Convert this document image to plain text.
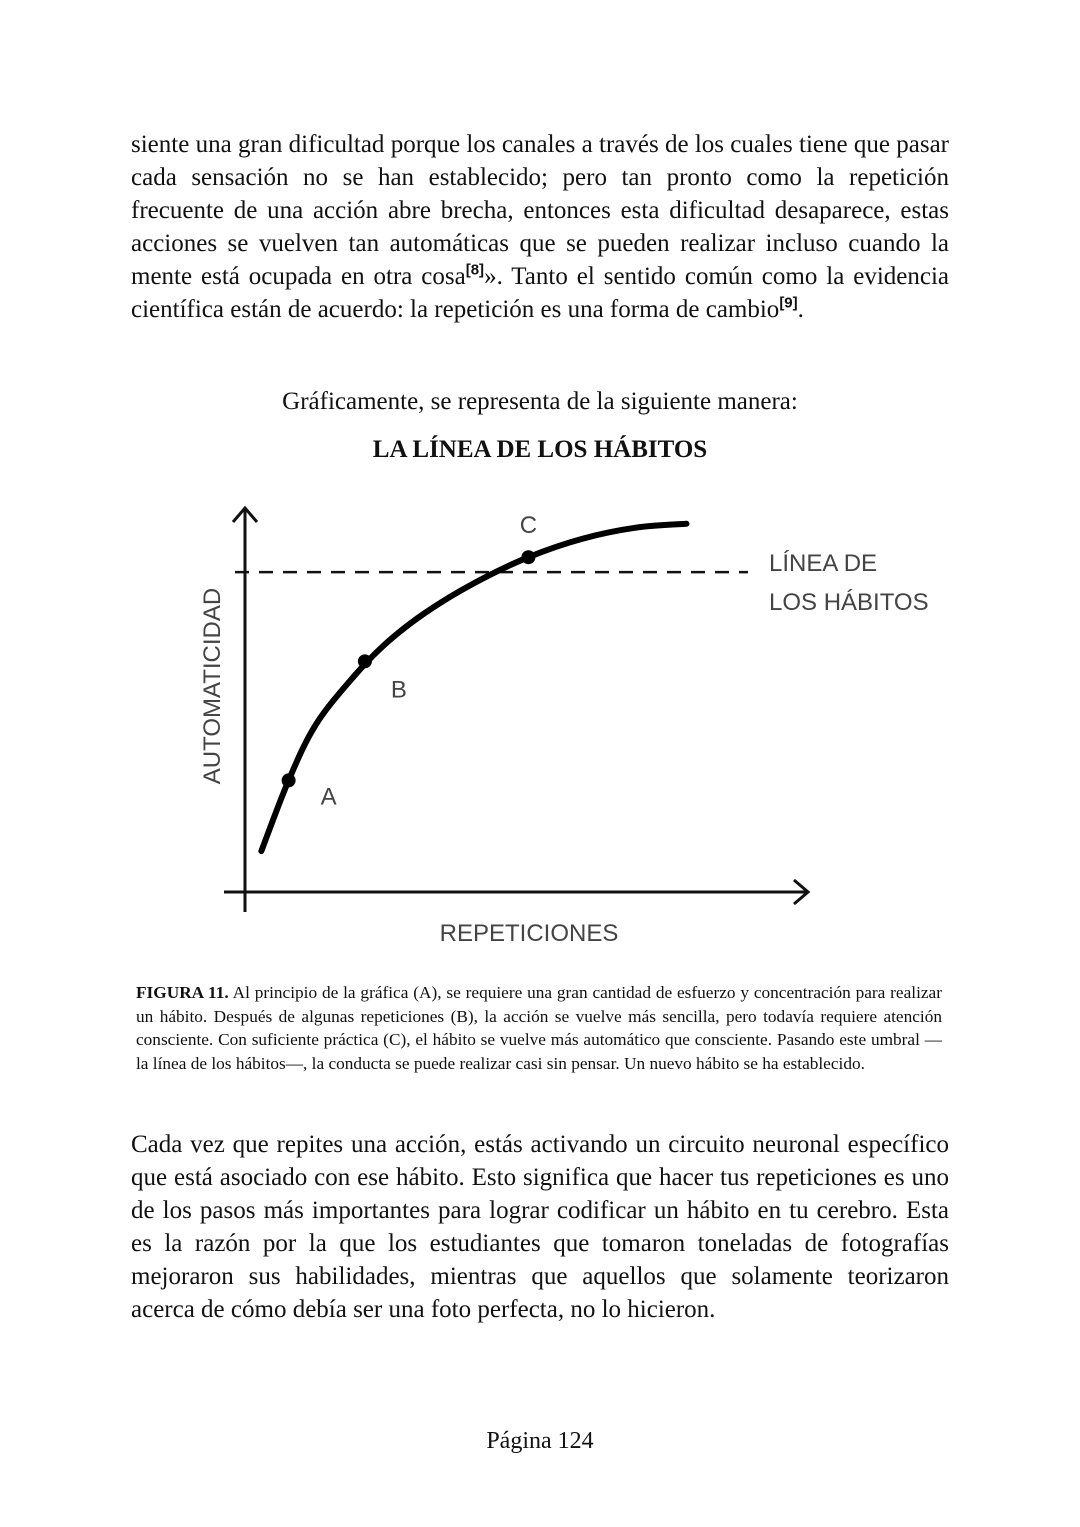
siente una gran dificultad porque los canales a través de los cuales tiene que pasar cada sensación no se han establecido; pero tan pronto como la repetición frecuente de una acción abre brecha, entonces esta dificultad desaparece, estas acciones se vuelven tan automáticas que se pueden realizar incluso cuando la mente está ocupada en otra cosa[8]». Tanto el sentido común como la evidencia científica están de acuerdo: la repetición es una forma de cambio[9].

Gráficamente, se representa de la siguiente manera:

LA LÍNEA DE LOS HÁBITOS

A
B
C
LÍNEA DE
LOS HÁBITOS
REPETICIONES
AUTOMATICIDAD

FIGURA 11. Al principio de la gráfica (A), se requiere una gran cantidad de esfuerzo y concentración para realizar un hábito. Después de algunas repeticiones (B), la acción se vuelve más sencilla, pero todavía requiere atención consciente. Con suficiente práctica (C), el hábito se vuelve más automático que consciente. Pasando este umbral —la línea de los hábitos—, la conducta se puede realizar casi sin pensar. Un nuevo hábito se ha establecido.

Cada vez que repites una acción, estás activando un circuito neuronal específico que está asociado con ese hábito. Esto significa que hacer tus repeticiones es uno de los pasos más importantes para lograr codificar un hábito en tu cerebro. Esta es la razón por la que los estudiantes que tomaron toneladas de fotografías mejoraron sus habilidades, mientras que aquellos que solamente teorizaron acerca de cómo debía ser una foto perfecta, no lo hicieron.

Página 124
